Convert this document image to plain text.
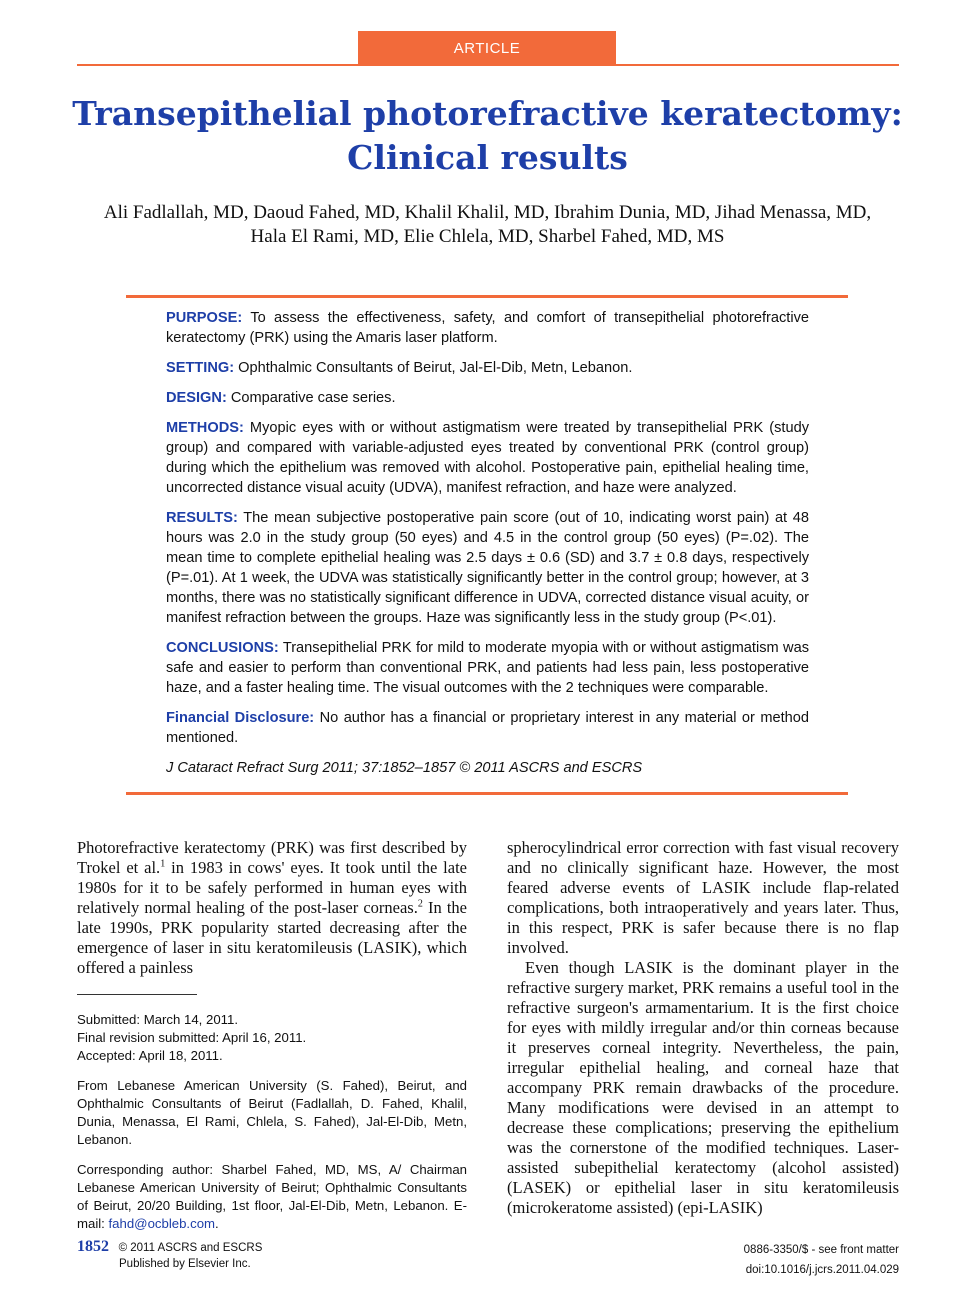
ARTICLE
Transepithelial photorefractive keratectomy:
Clinical results
Ali Fadlallah, MD, Daoud Fahed, MD, Khalil Khalil, MD, Ibrahim Dunia, MD, Jihad Menassa, MD,
Hala El Rami, MD, Elie Chlela, MD, Sharbel Fahed, MD, MS

PURPOSE: To assess the effectiveness, safety, and comfort of transepithelial photorefractive keratectomy (PRK) using the Amaris laser platform.

SETTING: Ophthalmic Consultants of Beirut, Jal-El-Dib, Metn, Lebanon.

DESIGN: Comparative case series.

METHODS: Myopic eyes with or without astigmatism were treated by transepithelial PRK (study group) and compared with variable-adjusted eyes treated by conventional PRK (control group) during which the epithelium was removed with alcohol. Postoperative pain, epithelial healing time, uncorrected distance visual acuity (UDVA), manifest refraction, and haze were analyzed.

RESULTS: The mean subjective postoperative pain score (out of 10, indicating worst pain) at 48 hours was 2.0 in the study group (50 eyes) and 4.5 in the control group (50 eyes) (P=.02). The mean time to complete epithelial healing was 2.5 days ± 0.6 (SD) and 3.7 ± 0.8 days, respectively (P=.01). At 1 week, the UDVA was statistically significantly better in the control group; however, at 3 months, there was no statistically significant difference in UDVA, corrected distance visual acuity, or manifest refraction between the groups. Haze was significantly less in the study group (P<.01).

CONCLUSIONS: Transepithelial PRK for mild to moderate myopia with or without astigmatism was safe and easier to perform than conventional PRK, and patients had less pain, less postoperative haze, and a faster healing time. The visual outcomes with the 2 techniques were comparable.

Financial Disclosure: No author has a financial or proprietary interest in any material or method mentioned.

J Cataract Refract Surg 2011; 37:1852–1857 © 2011 ASCRS and ESCRS

Photorefractive keratectomy (PRK) was first described by Trokel et al.$^1$ in 1983 in cows' eyes. It took until the late 1980s for it to be safely performed in human eyes with relatively normal healing of the post-laser corneas.$^2$ In the late 1990s, PRK popularity started decreasing after the emergence of laser in situ keratomileusis (LASIK), which offered a painless

Submitted: March 14, 2011.

Final revision submitted: April 16, 2011.

Accepted: April 18, 2011.

From Lebanese American University (S. Fahed), Beirut, and Ophthalmic Consultants of Beirut (Fadlallah, D. Fahed, Khalil, Dunia, Menassa, El Rami, Chlela, S. Fahed), Jal-El-Dib, Metn, Lebanon.

Corresponding author: Sharbel Fahed, MD, MS, A/ Chairman Lebanese American University of Beirut; Ophthalmic Consultants of Beirut, 20/20 Building, 1st floor, Jal-El-Dib, Metn, Lebanon. E-mail: fahd@ocbleb.com.

spherocylindrical error correction with fast visual recovery and no clinically significant haze. However, the most feared adverse events of LASIK include flap-related complications, both intraoperatively and years later. Thus, in this respect, PRK is safer because there is no flap involved.

Even though LASIK is the dominant player in the refractive surgery market, PRK remains a useful tool in the refractive surgeon's armamentarium. It is the first choice for eyes with mildly irregular and/or thin corneas because it preserves corneal integrity. Nevertheless, the pain, irregular epithelial healing, and corneal haze that accompany PRK remain drawbacks of the procedure. Many modifications were devised in an attempt to decrease these complications; preserving the epithelium was the cornerstone of the modified techniques. Laser-assisted subepithelial keratectomy (alcohol assisted) (LASEK) or epithelial laser in situ keratomileusis (microkeratome assisted) (epi-LASIK)

1852 © 2011 ASCRS and ESCRS
Published by Elsevier Inc.
0886-3350/$ - see front matter
doi:10.1016/j.jcrs.2011.04.029
